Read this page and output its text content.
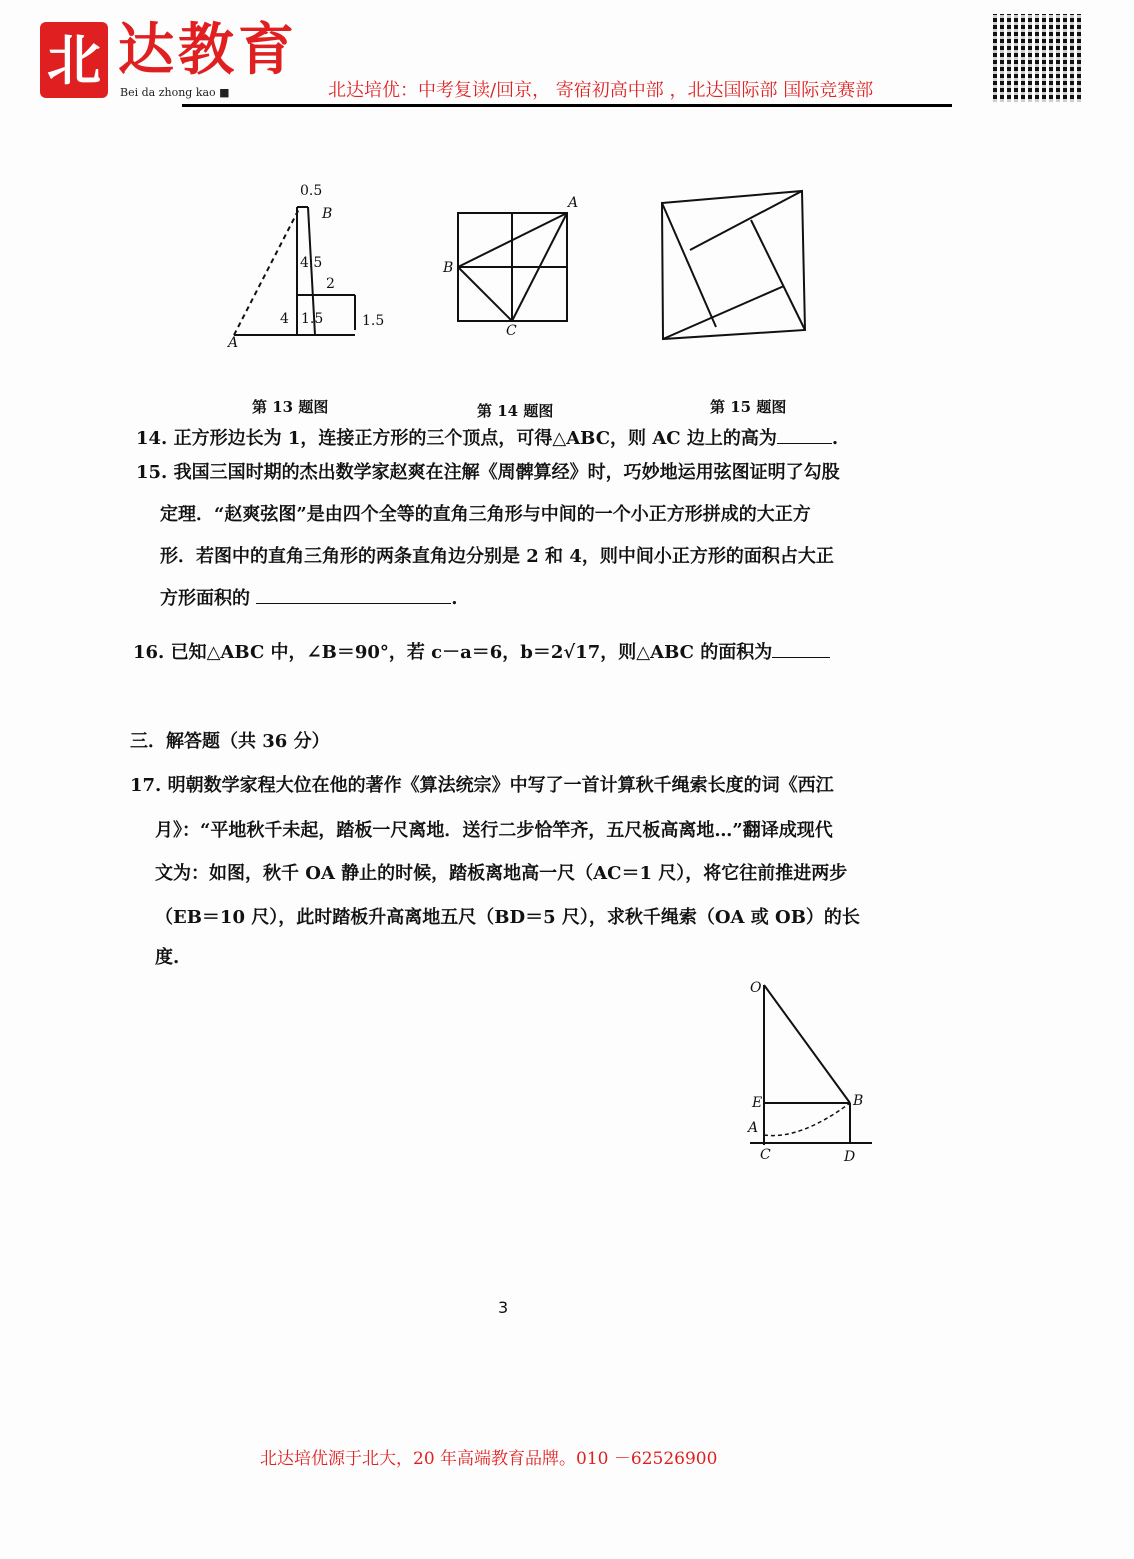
北 达教育
Bei da zhong kao ■	北达培优：中考复读/回京， 寄宿初高中部 ，北达国际部 国际竞赛部
0.5
B
4.5
2
4 1.5	1.5
A
A
B
C
第 13 题图	第 14 题图	第 15 题图
14. 正方形边长为 1，连接正方形的三个顶点，可得△ABC，则 AC 边上的高为	.
15. 我国三国时期的杰出数学家赵爽在注解《周髀算经》时，巧妙地运用弦图证明了勾股
定理．“赵爽弦图”是由四个全等的直角三角形与中间的一个小正方形拼成的大正方
形．若图中的直角三角形的两条直角边分别是 2 和 4，则中间小正方形的面积占大正
方形面积的	.
16. 已知△ABC 中，∠B＝90°，若 c－a＝6，b＝2√17，则△ABC 的面积为
三．解答题（共 36 分）
17. 明朝数学家程大位在他的著作《算法统宗》中写了一首计算秋千绳索长度的词《西江
月》：“平地秋千未起，踏板一尺离地．送行二步恰竿齐，五尺板高离地…”翻译成现代
文为：如图，秋千 OA 静止的时候，踏板离地高一尺（AC＝1 尺），将它往前推进两步
（EB＝10 尺），此时踏板升高离地五尺（BD＝5 尺），求秋千绳索（OA 或 OB）的长
度.
O
E	B
A
C	D
3
北达培优源于北大，20 年高端教育品牌。010 －62526900
